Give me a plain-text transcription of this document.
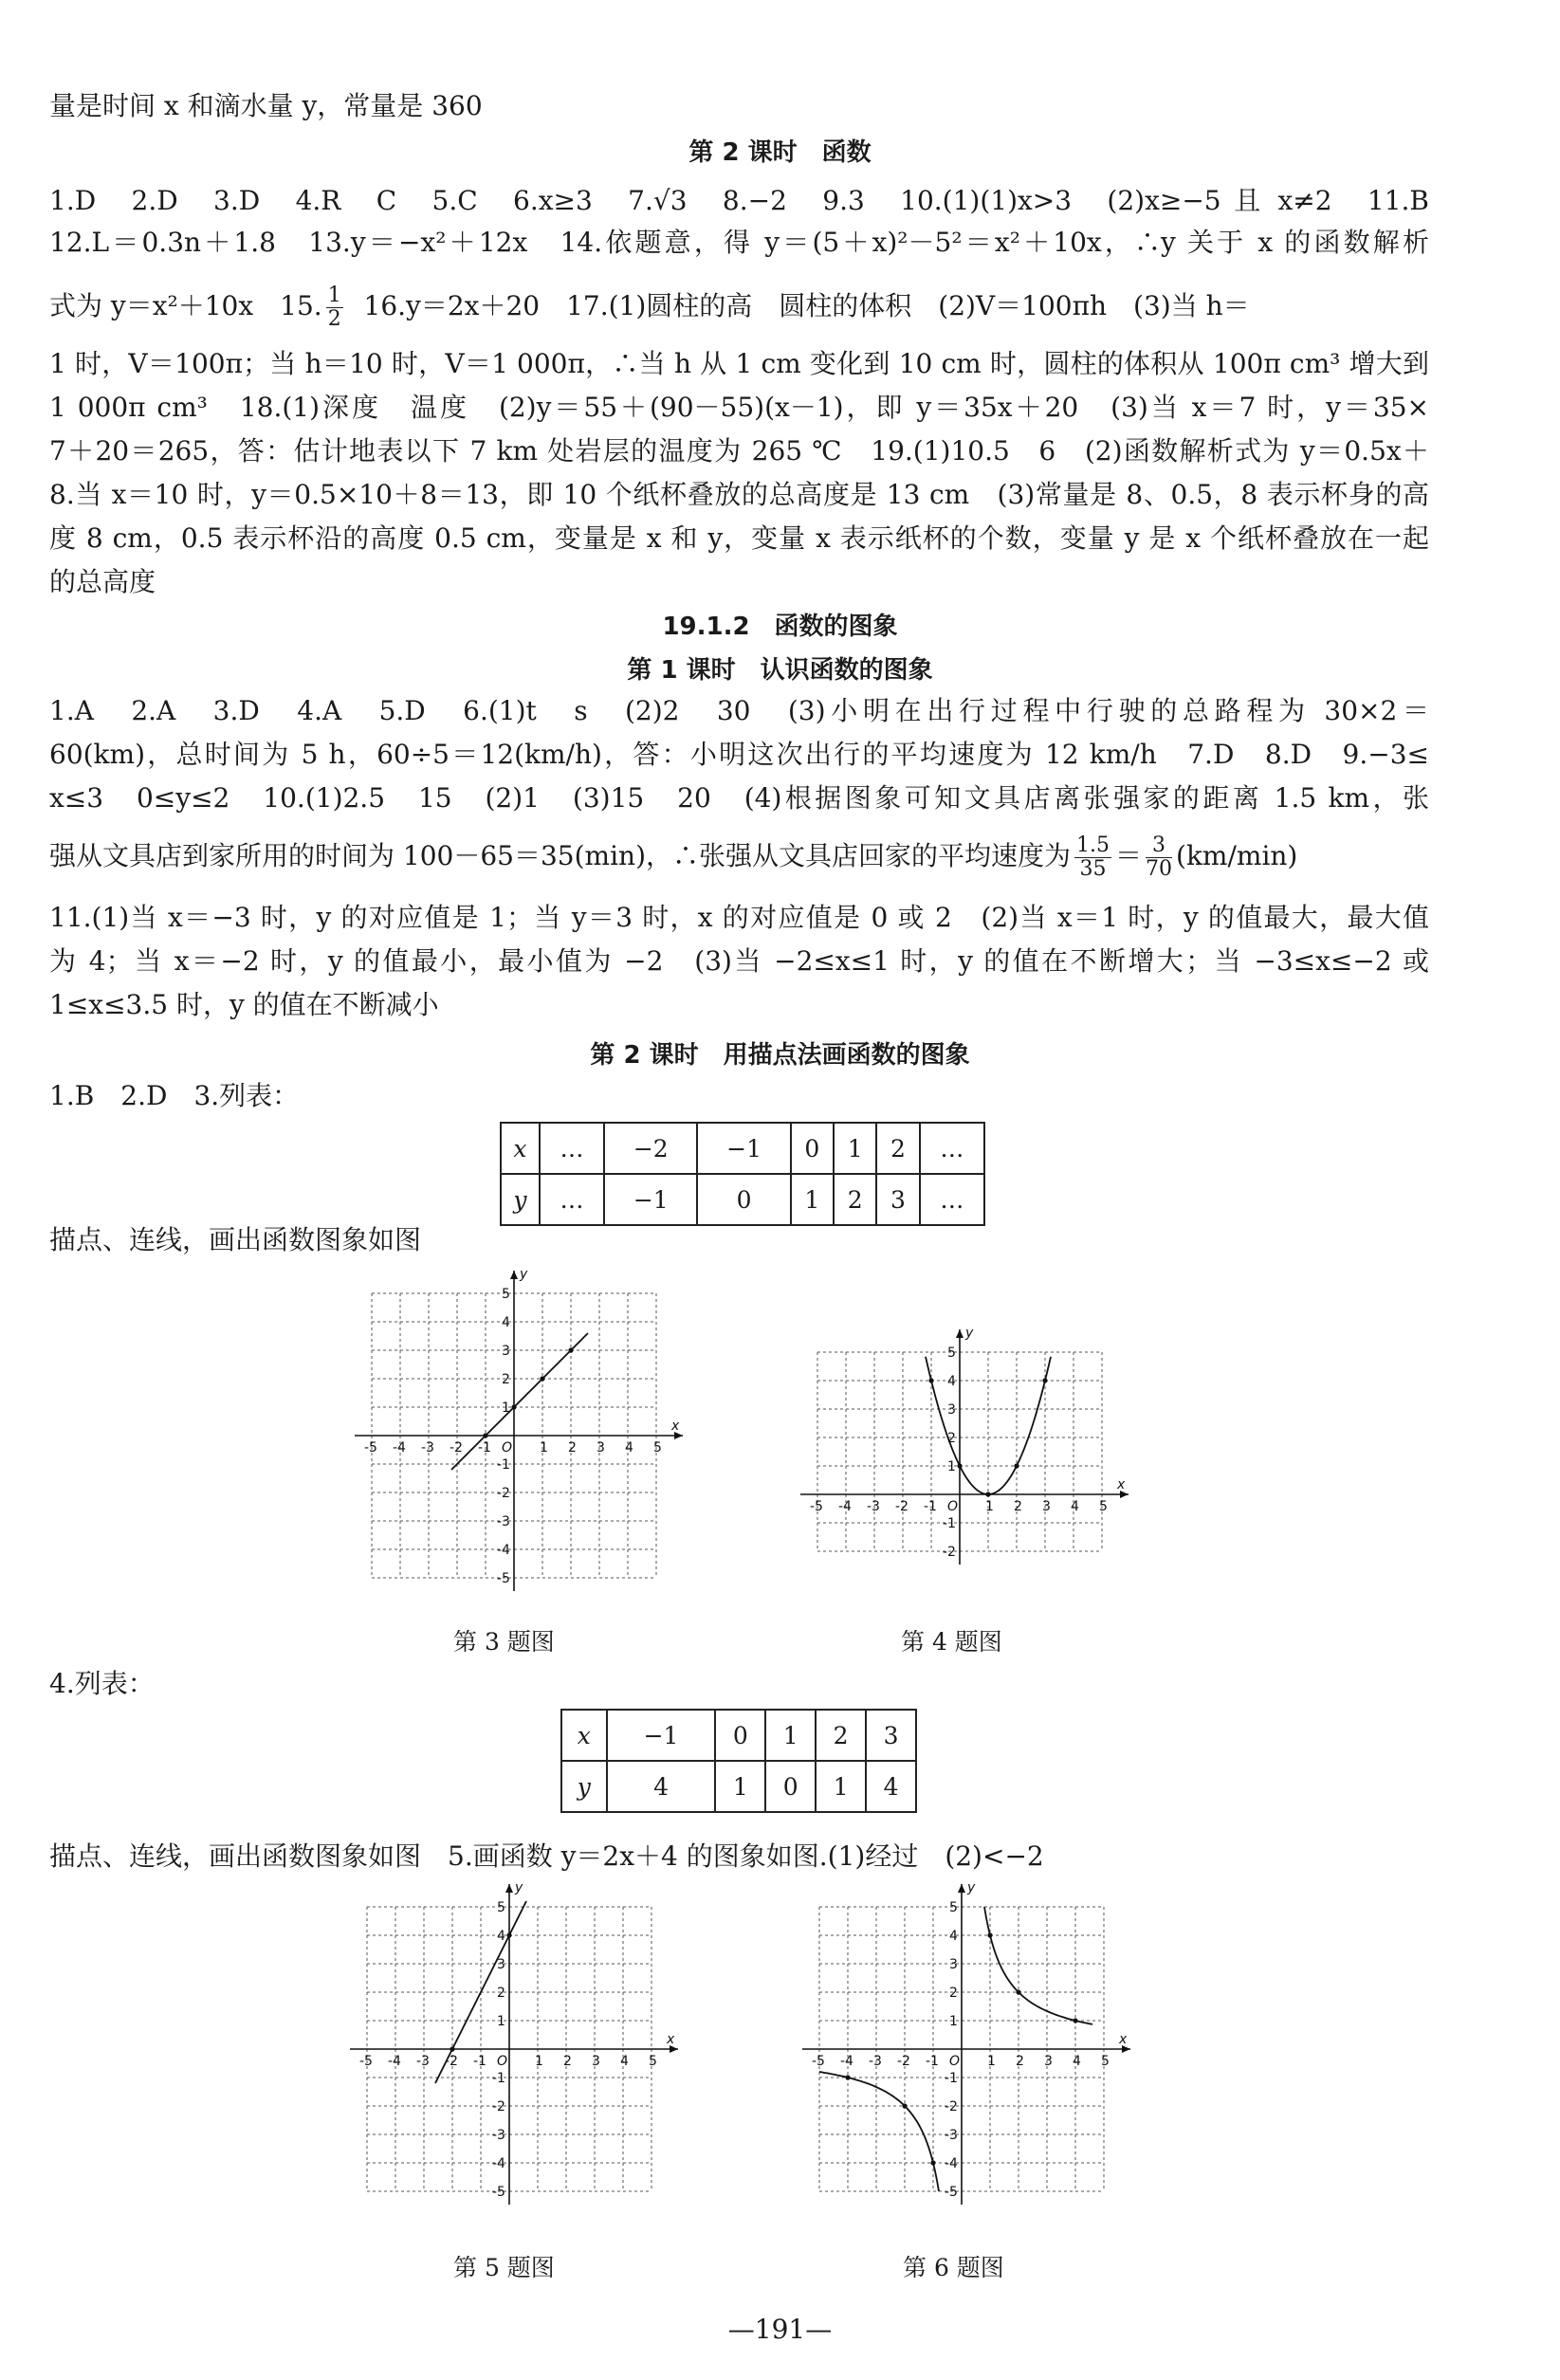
量是时间 x 和滴水量 y，常量是 360
第 2 课时　函数
1.D　2.D　3.D　4.R　C　5.C　6.x≥3　7.√3　8.−2　9.3　10.(1)(1)x>3　(2)x≥−5 且 x≠2　11.B
12.L＝0.3n＋1.8　13.y＝−x²＋12x　14.依题意，得 y＝(5＋x)²－5²＝x²＋10x，∴y 关于 x 的函数解析
式为 y＝x²＋10x　15. $\frac{1}{2} 16.y=2x+20$　17.(1)圆柱的高　圆柱的体积　(2)V＝100πh　(3)当 h＝
1 时，V＝100π；当 h＝10 时，V＝1 000π，∴当 h 从 1 cm 变化到 10 cm 时，圆柱的体积从 100π cm³ 增大到
1 000π cm³　18.(1)深度　温度　(2)y＝55＋(90－55)(x－1)，即 y＝35x＋20　(3)当 x＝7 时，y＝35×
7＋20＝265，答：估计地表以下 7 km 处岩层的温度为 265 ℃　19.(1)10.5　6　(2)函数解析式为 y＝0.5x＋
8.当 x＝10 时，y＝0.5×10＋8＝13，即 10 个纸杯叠放的总高度是 13 cm　(3)常量是 8、0.5，8 表示杯身的高
度 8 cm，0.5 表示杯沿的高度 0.5 cm，变量是 x 和 y，变量 x 表示纸杯的个数，变量 y 是 x 个纸杯叠放在一起
的总高度
19.1.2　函数的图象
第 1 课时　认识函数的图象
1.A　2.A　3.D　4.A　5.D　6.(1)t　s　(2)2　30　(3)小明在出行过程中行驶的总路程为 30×2＝
60(km)，总时间为 5 h，60÷5＝12(km/h)，答：小明这次出行的平均速度为 12 km/h　7.D　8.D　9.−3≤
x≤3　0≤y≤2　10.(1)2.5　15　(2)1　(3)15　20　(4)根据图象可知文具店离张强家的距离 1.5 km，张
强从文具店到家所用的时间为 100－65＝35(min)，∴张强从文具店回家的平均速度为 $\frac{1.5}{35} = \frac{3}{70} (km/\min)$
11.(1)当 x＝−3 时，y 的对应值是 1；当 y＝3 时，x 的对应值是 0 或 2　(2)当 x＝1 时，y 的值最大，最大值
为 4；当 x＝−2 时，y 的值最小，最小值为 −2　(3)当 −2≤x≤1 时，y 的值在不断增大；当 −3≤x≤−2 或
1≤x≤3.5 时，y 的值在不断减小
第 2 课时　用描点法画函数的图象
1.B　2.D　3.列表：
x	…	−2	−1	0	1	2	…
y	…	−1	0	1	2	3	…
描点、连线，画出函数图象如图
x
y
O
-5 -4 -3 -2 -1	1 2 3 4 5
-5
-4
-3
-2
-1
1
2
3
4
5
x
y
O
-5 -4 -3 -2 -1	1 2 3 4 5
-2
-1
1
2
3
4
5
第 3 题图	第 4 题图
4.列表：
x	−1	0	1	2	3
y	4	1	0	1	4
描点、连线，画出函数图象如图　5.画函数 y＝2x＋4 的图象如图.(1)经过　(2)<−2
x
y
O
-5 -4 -3 -2 -1	1 2 3 4 5
-5
-4
-3
-2
-1
1
2
3
4
5
x
y
O
-5 -4 -3 -2 -1	1 2 3 4 5
-5
-4
-3
-2
-1
1
2
3
4
5
第 5 题图	第 6 题图
—191—
